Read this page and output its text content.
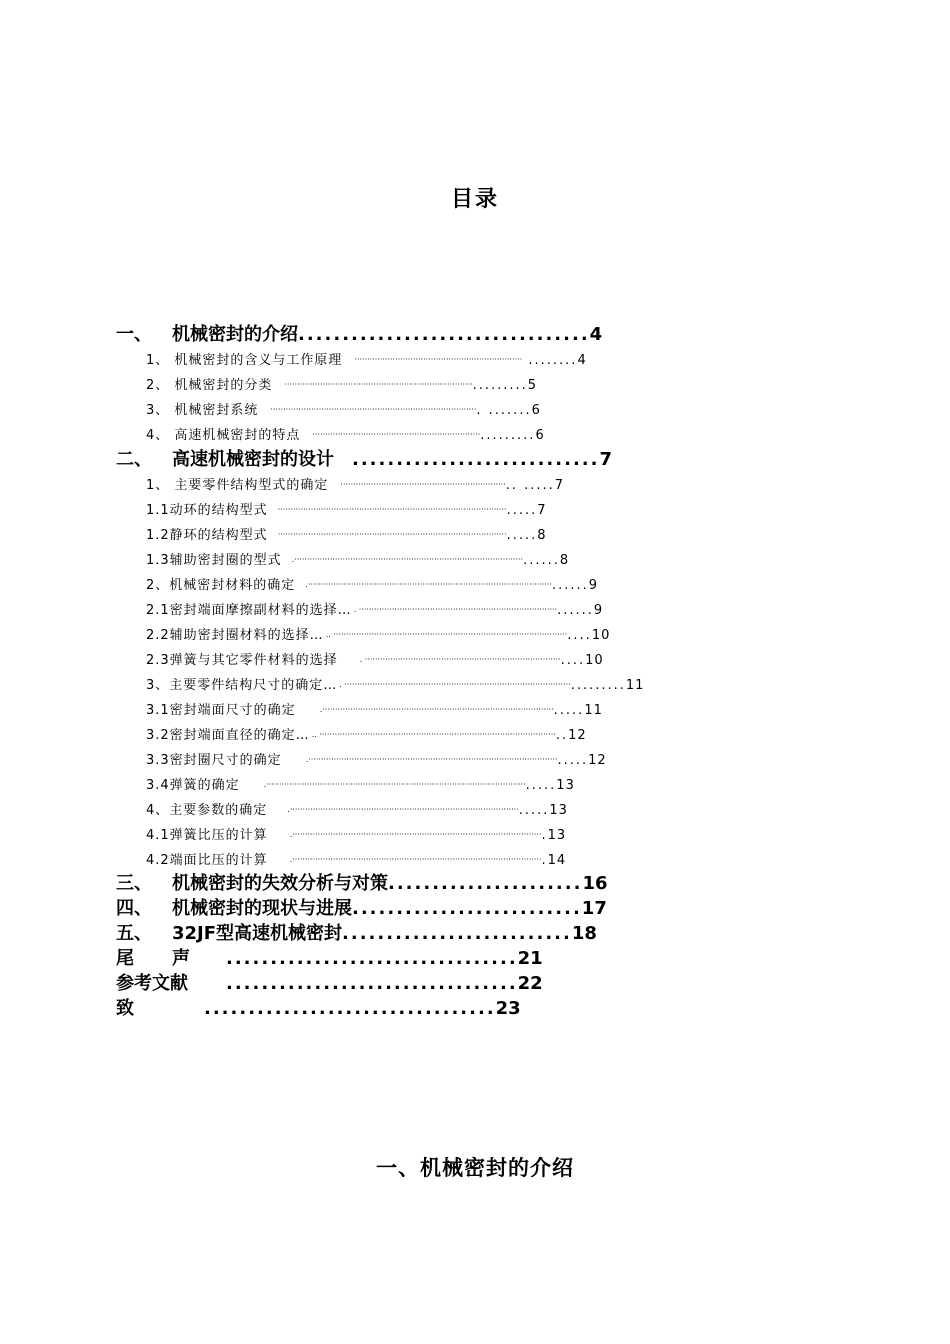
目录
一、 机械密封的介绍.................................4
1、 机械密封的含义与工作原理 ·································································· ........4
2、 机械密封的分类 ··········································································.........5
3、 机械密封系统 ·················································································. .......6
4、 高速机械密封的特点 ··································································.........6
二、 高速机械密封的设计 ............................7
1、 主要零件结构型式的确定 ·································································.. .....7
1.1动环的结构型式 ··························································································.....7
1.2静环的结构型式 ··························································································.....8
1.3辅助密封圈的型式 .··························································································......8
2、机械密封材料的确定 .································································································......9
2.1密封端面摩擦副材料的选择… . ··············································································......9
2.2辅助密封圈材料的选择… .. ····························································································....10
2.3弹簧与其它零件材料的选择	. ·············································································....10
3、主要零件结构尺寸的确定… . ·························································································.........11
3.1密封端面尺寸的确定	.···························································································.....11
3.2密封端面直径的确定… .. ·····························································································..12
3.3密封圈尺寸的确定	.··································································································.....12
3.4弹簧的确定	.······································································································.....13
4、主要参数的确定	.··························································································.....13
4.1弹簧比压的计算	.··································································································.13
4.2端面比压的计算	.··································································································.14
三、 机械密封的失效分析与对策......................16
四、 机械密封的现状与进展..........................17
五、 32JF型高速机械密封..........................18
尾 声 .................................21
参考文献 .................................22
致	.................................23
一、机械密封的介绍
